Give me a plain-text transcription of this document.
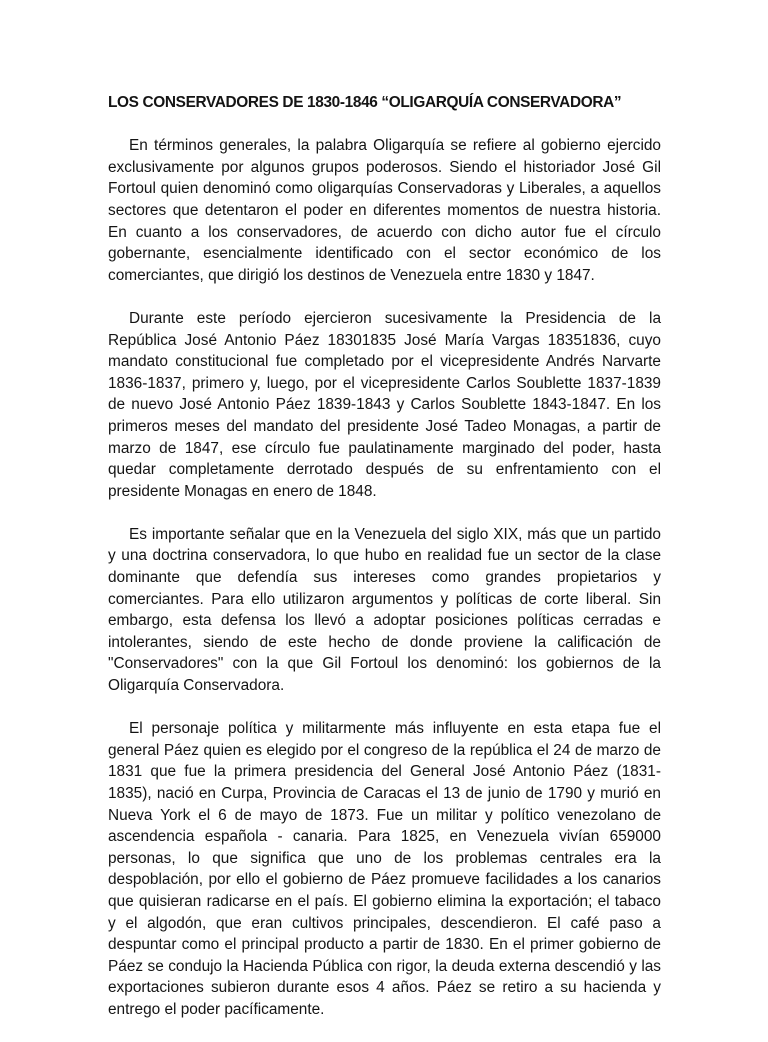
LOS CONSERVADORES DE 1830-1846 “OLIGARQUÍA CONSERVADORA”

En términos generales, la palabra Oligarquía se refiere al gobierno ejercido exclusivamente por algunos grupos poderosos. Siendo el historiador José Gil Fortoul quien denominó como oligarquías Conservadoras y Liberales, a aquellos sectores que detentaron el poder en diferentes momentos de nuestra historia. En cuanto a los conservadores, de acuerdo con dicho autor fue el círculo gobernante, esencialmente identificado con el sector económico de los comerciantes, que dirigió los destinos de Venezuela entre 1830 y 1847.

Durante este período ejercieron sucesivamente la Presidencia de la República José Antonio Páez 18301835 José María Vargas 18351836, cuyo mandato constitucional fue completado por el vicepresidente Andrés Narvarte 1836-1837, primero y, luego, por el vicepresidente Carlos Soublette 1837-1839 de nuevo José Antonio Páez 1839-1843 y Carlos Soublette 1843-1847. En los primeros meses del mandato del presidente José Tadeo Monagas, a partir de marzo de 1847, ese círculo fue paulatinamente marginado del poder, hasta quedar completamente derrotado después de su enfrentamiento con el presidente Monagas en enero de 1848.

Es importante señalar que en la Venezuela del siglo XIX, más que un partido y una doctrina conservadora, lo que hubo en realidad fue un sector de la clase dominante que defendía sus intereses como grandes propietarios y comerciantes. Para ello utilizaron argumentos y políticas de corte liberal. Sin embargo, esta defensa los llevó a adoptar posiciones políticas cerradas e intolerantes, siendo de este hecho de donde proviene la calificación de "Conservadores" con la que Gil Fortoul los denominó: los gobiernos de la Oligarquía Conservadora.

El personaje política y militarmente más influyente en esta etapa fue el general Páez quien es elegido por el congreso de la república el 24 de marzo de 1831 que fue la primera presidencia del General José Antonio Páez (1831-1835), nació en Curpa, Provincia de Caracas el 13 de junio de 1790 y murió en Nueva York el 6 de mayo de 1873. Fue un militar y político venezolano de ascendencia española - canaria. Para 1825, en Venezuela vivían 659000 personas, lo que significa que uno de los problemas centrales era la despoblación, por ello el gobierno de Páez promueve facilidades a los canarios que quisieran radicarse en el país. El gobierno elimina la exportación; el tabaco y el algodón, que eran cultivos principales, descendieron. El café paso a despuntar como el principal producto a partir de 1830. En el primer gobierno de Páez se condujo la Hacienda Pública con rigor, la deuda externa descendió y las exportaciones subieron durante esos 4 años. Páez se retiro a su hacienda y entrego el poder pacíficamente.
